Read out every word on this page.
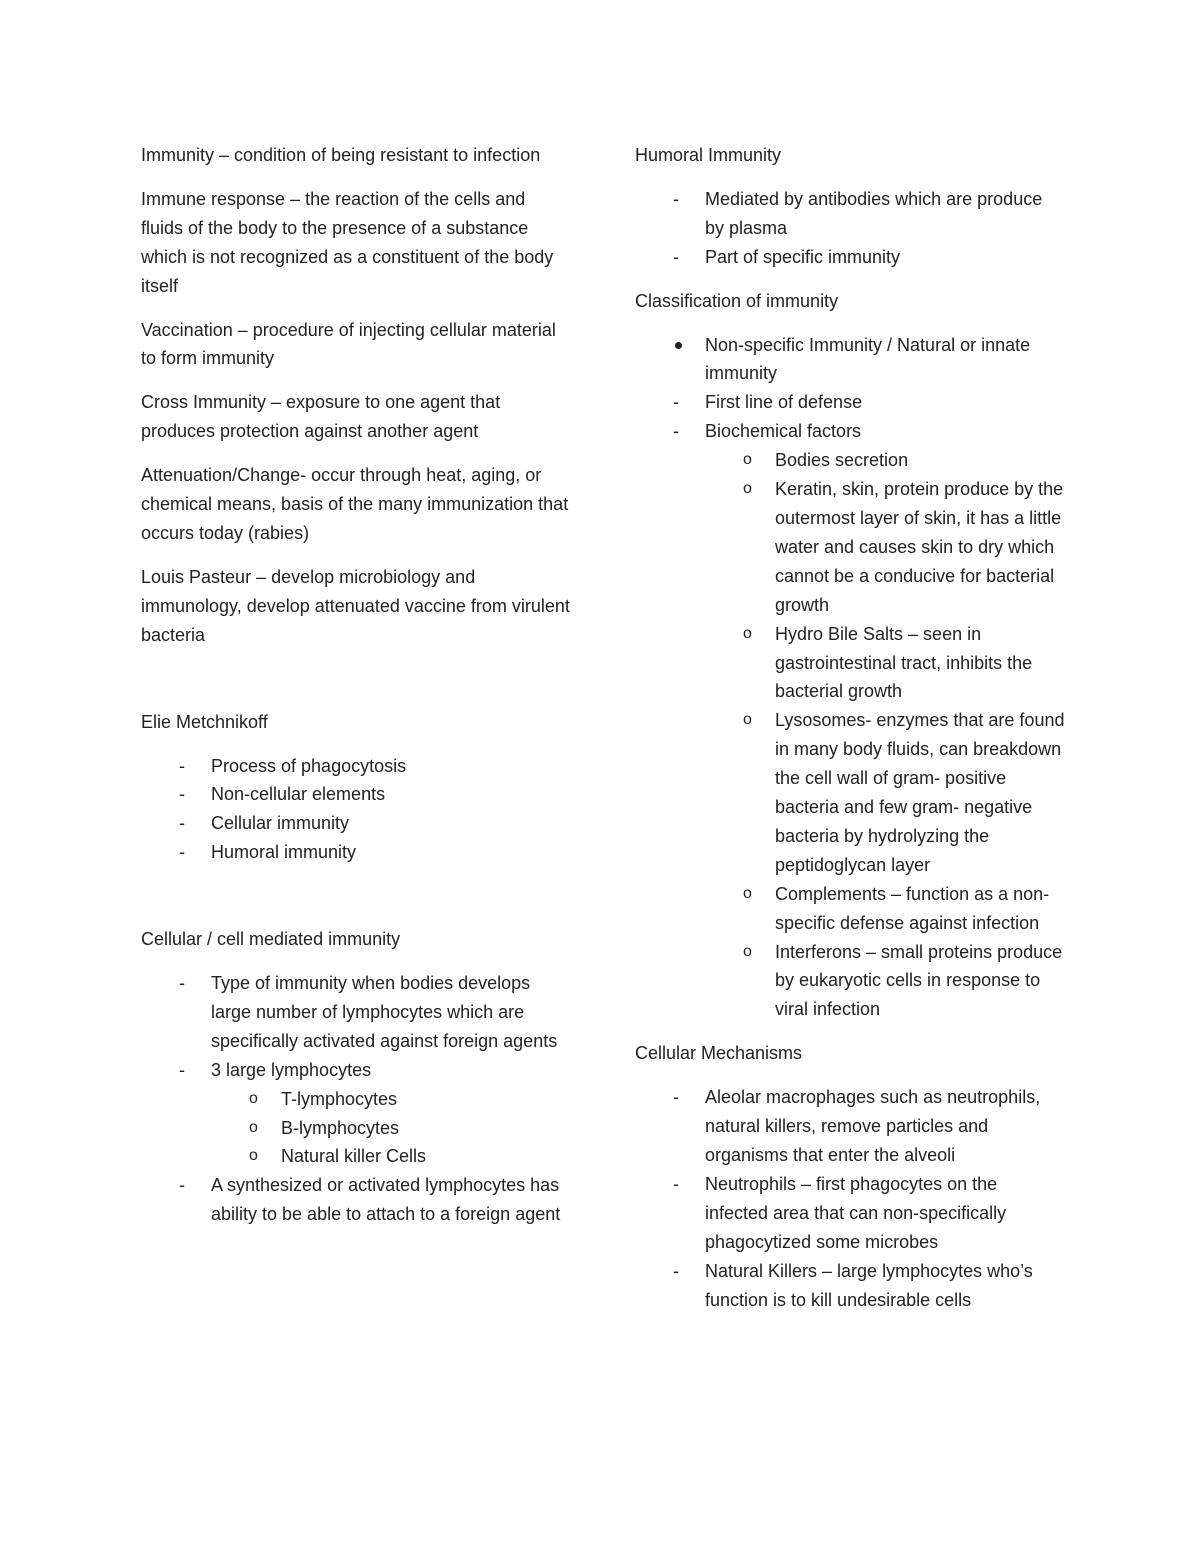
Immunity – condition of being resistant to infection

Immune response – the reaction of the cells and fluids of the body to the presence of a substance which is not recognized as a constituent of the body itself

Vaccination – procedure of injecting cellular material to form immunity

Cross Immunity – exposure to one agent that produces protection against another agent

Attenuation/Change- occur through heat, aging, or chemical means, basis of the many immunization that occurs today (rabies)

Louis Pasteur – develop microbiology and immunology, develop attenuated vaccine from virulent bacteria

Elie Metchnikoff

- Process of phagocytosis
- Non-cellular elements
- Cellular immunity
- Humoral immunity

Cellular / cell mediated immunity

- Type of immunity when bodies develops large number of lymphocytes which are specifically activated against foreign agents
- 3 large lymphocytes
o T-lymphocytes
o B-lymphocytes
o Natural killer Cells
- A synthesized or activated lymphocytes has ability to be able to attach to a foreign agent

Humoral Immunity

- Mediated by antibodies which are produce by plasma
- Part of specific immunity

Classification of immunity

Non-specific Immunity / Natural or innate immunity
- First line of defense
- Biochemical factors
o Bodies secretion
o Keratin, skin, protein produce by the outermost layer of skin, it has a little water and causes skin to dry which cannot be a conducive for bacterial growth
o Hydro Bile Salts – seen in gastrointestinal tract, inhibits the bacterial growth
o Lysosomes- enzymes that are found in many body fluids, can breakdown the cell wall of gram- positive bacteria and few gram- negative bacteria by hydrolyzing the peptidoglycan layer
o Complements – function as a non-specific defense against infection
o Interferons – small proteins produce by eukaryotic cells in response to viral infection

Cellular Mechanisms

- Aleolar macrophages such as neutrophils, natural killers, remove particles and organisms that enter the alveoli
- Neutrophils – first phagocytes on the infected area that can non-specifically phagocytized some microbes
- Natural Killers – large lymphocytes who’s function is to kill undesirable cells
